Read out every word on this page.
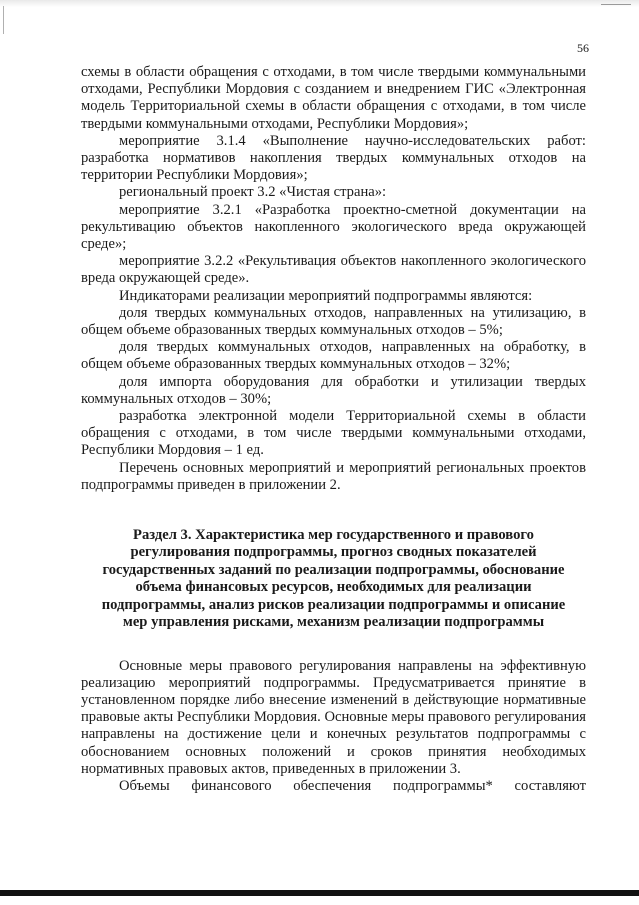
56

схемы в области обращения с отходами, в том числе твердыми коммунальными отходами, Республики Мордовия с созданием и внедрением ГИС «Электронная модель Территориальной схемы в области обращения с отходами, в том числе твердыми коммунальными отходами, Республики Мордовия»;

мероприятие 3.1.4 «Выполнение научно-исследовательских работ: разработка нормативов накопления твердых коммунальных отходов на территории Республики Мордовия»;

региональный проект 3.2 «Чистая страна»:

мероприятие 3.2.1 «Разработка проектно-сметной документации на рекультивацию объектов накопленного экологического вреда окружающей среде»;

мероприятие 3.2.2 «Рекультивация объектов накопленного экологического вреда окружающей среде».

Индикаторами реализации мероприятий подпрограммы являются:

доля твердых коммунальных отходов, направленных на утилизацию, в общем объеме образованных твердых коммунальных отходов – 5%;

доля твердых коммунальных отходов, направленных на обработку, в общем объеме образованных твердых коммунальных отходов – 32%;

доля импорта оборудования для обработки и утилизации твердых коммунальных отходов – 30%;

разработка электронной модели Территориальной схемы в области обращения с отходами, в том числе твердыми коммунальными отходами, Республики Мордовия – 1 ед.

Перечень основных мероприятий и мероприятий региональных проектов подпрограммы приведен в приложении 2.

Раздел 3. Характеристика мер государственного и правового
регулирования подпрограммы, прогноз сводных показателей
государственных заданий по реализации подпрограммы, обоснование
объема финансовых ресурсов, необходимых для реализации
подпрограммы, анализ рисков реализации подпрограммы и описание
мер управления рисками, механизм реализации подпрограммы

Основные меры правового регулирования направлены на эффективную реализацию мероприятий подпрограммы. Предусматривается принятие в установленном порядке либо внесение изменений в действующие нормативные правовые акты Республики Мордовия. Основные меры правового регулирования направлены на достижение цели и конечных результатов подпрограммы с обоснованием основных положений и сроков принятия необходимых нормативных правовых актов, приведенных в приложении 3.

Объемы финансового обеспечения подпрограммы* составляют
